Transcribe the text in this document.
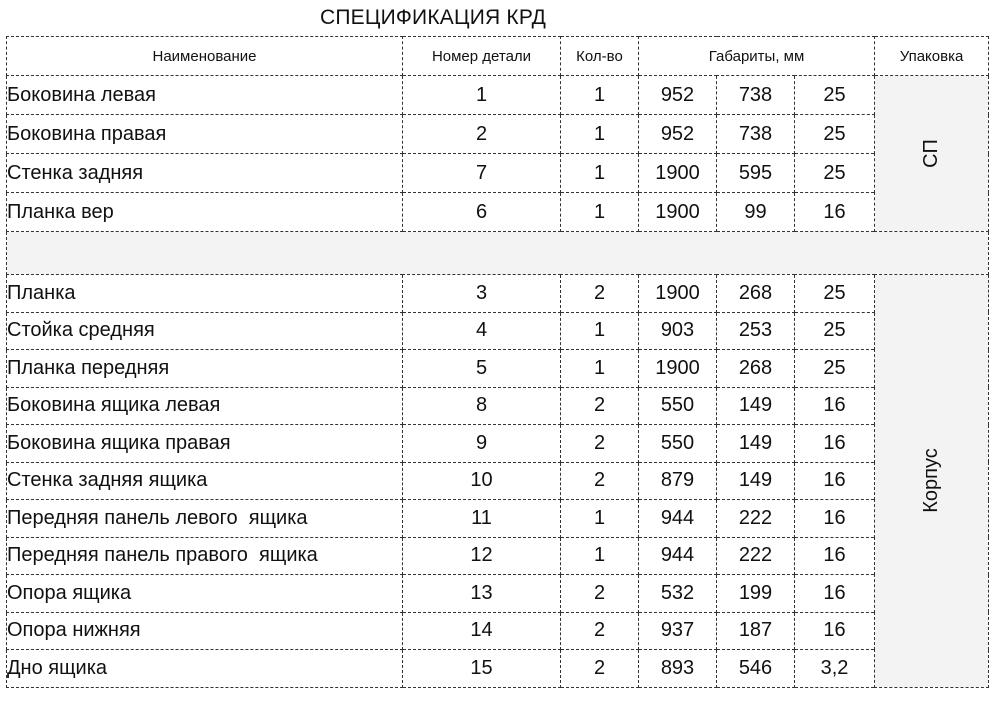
СПЕЦИФИКАЦИЯ КРД
Наименование	Номер детали	Кол-во	Габариты, мм			Упаковка
Боковина левая	1	1	952	738	25	СП
Боковина правая	2	1	952	738	25	
Стенка задняя	7	1	1900	595	25	
Планка вер	6	1	1900	99	16	

Планка	3	2	1900	268	25	Корпус
Стойка средняя	4	1	903	253	25	
Планка передняя	5	1	1900	268	25	
Боковина ящика левая	8	2	550	149	16	
Боковина ящика правая	9	2	550	149	16	
Стенка задняя ящика	10	2	879	149	16	
Передняя панель левого  ящика	11	1	944	222	16	
Передняя панель правого  ящика	12	1	944	222	16	
Опора ящика	13	2	532	199	16	
Опора нижняя	14	2	937	187	16	
Дно ящика	15	2	893	546	3,2	
